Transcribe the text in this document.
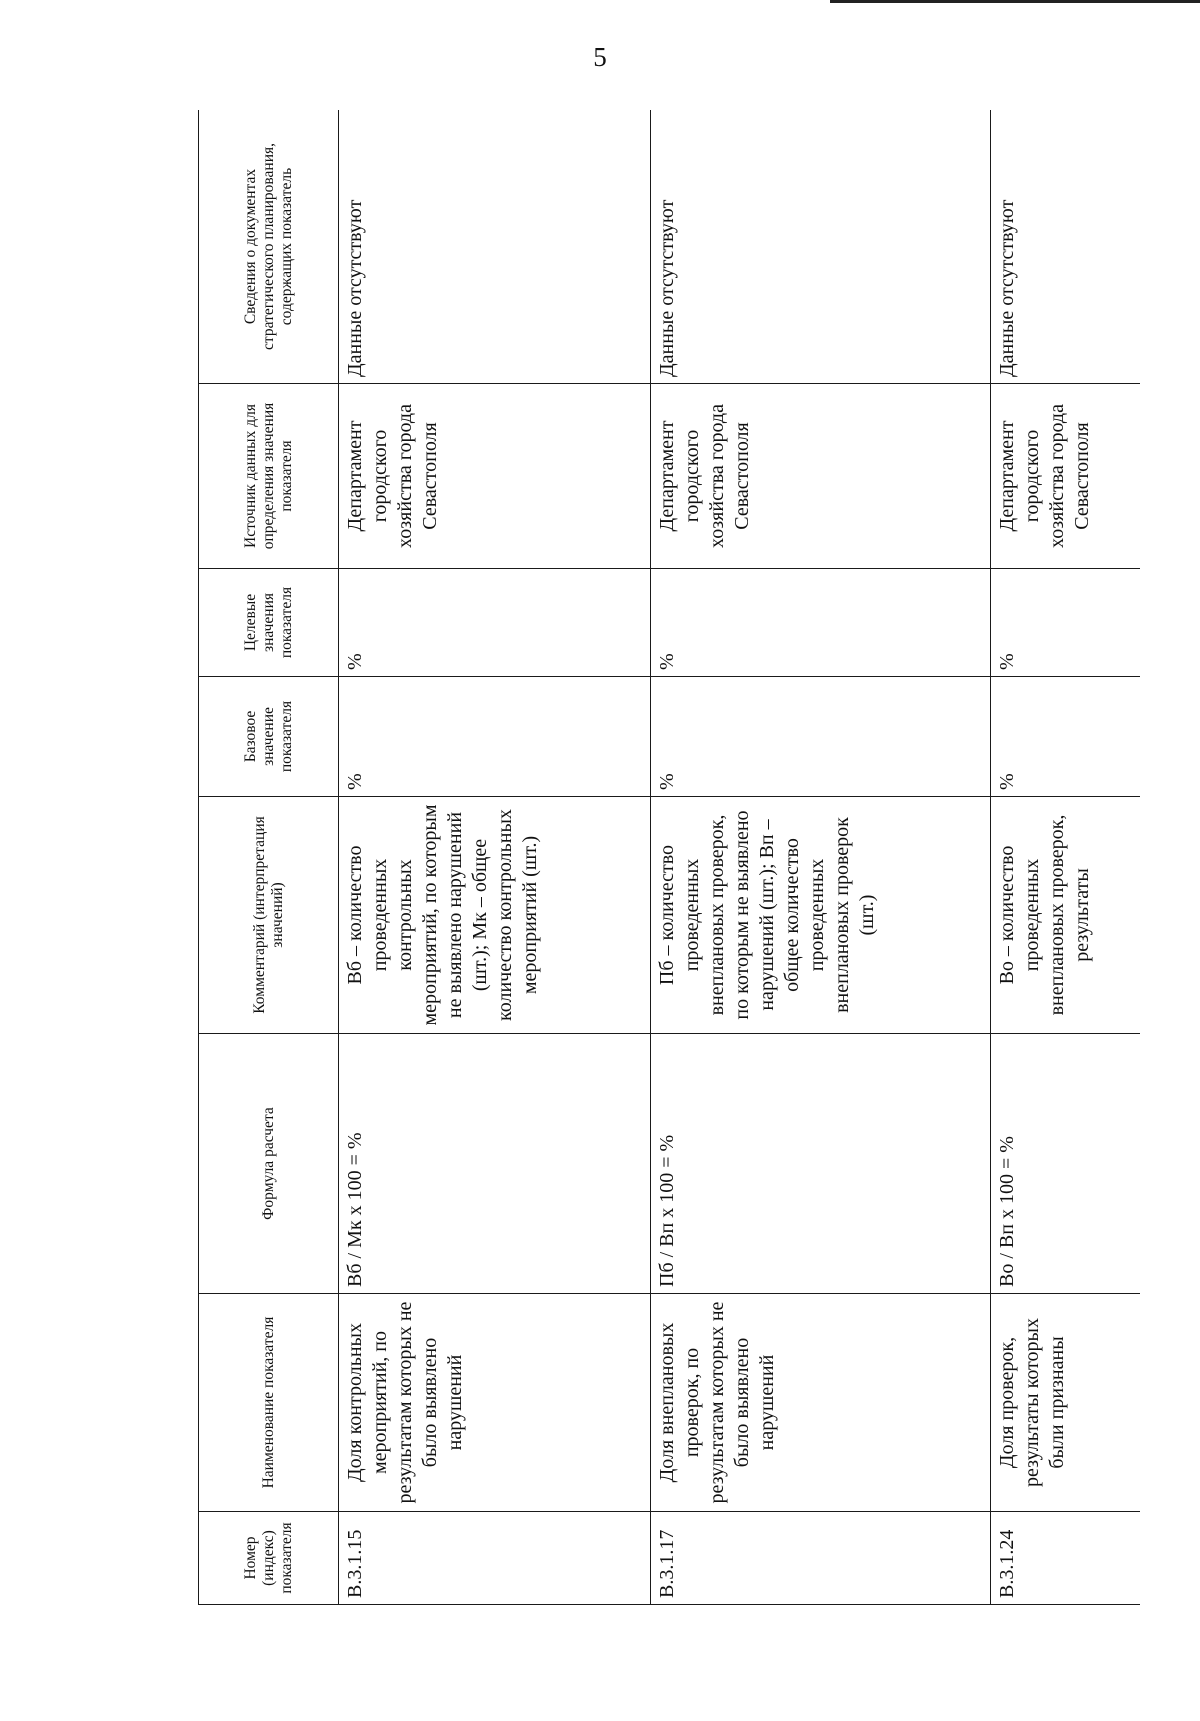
5
Номер (индекс) показателя	Наименование показателя	Формула расчета	Комментарий (интерпретация значений)	Базовое значение показателя	Целевые значения показателя	Источник данных для определения значения показателя	Сведения о документах стратегического планирования, содержащих показатель
В.3.1.15	Доля контрольных мероприятий, по результатам которых не было выявлено нарушений	Вб / Мк х 100 = %	Вб – количество проведенных контрольных мероприятий, по которым не выявлено нарушений (шт.); Мк – общее количество контрольных мероприятий (шт.)	%	%	Департамент городского хозяйства города Севастополя	Данные отсутствуют
В.3.1.17	Доля внеплановых проверок, по результатам которых не было выявлено нарушений	Пб / Вп х 100 = %	Пб – количество проведенных внеплановых проверок, по которым не выявлено нарушений (шт.); Вп – общее количество проведенных внеплановых проверок (шт.)	%	%	Департамент городского хозяйства города Севастополя	Данные отсутствуют
В.3.1.24	Доля проверок, результаты которых были признаны	Во / Вп х 100 = %	Во – количество проведенных внеплановых проверок, результаты	%	%	Департамент городского хозяйства города Севастополя	Данные отсутствуют
